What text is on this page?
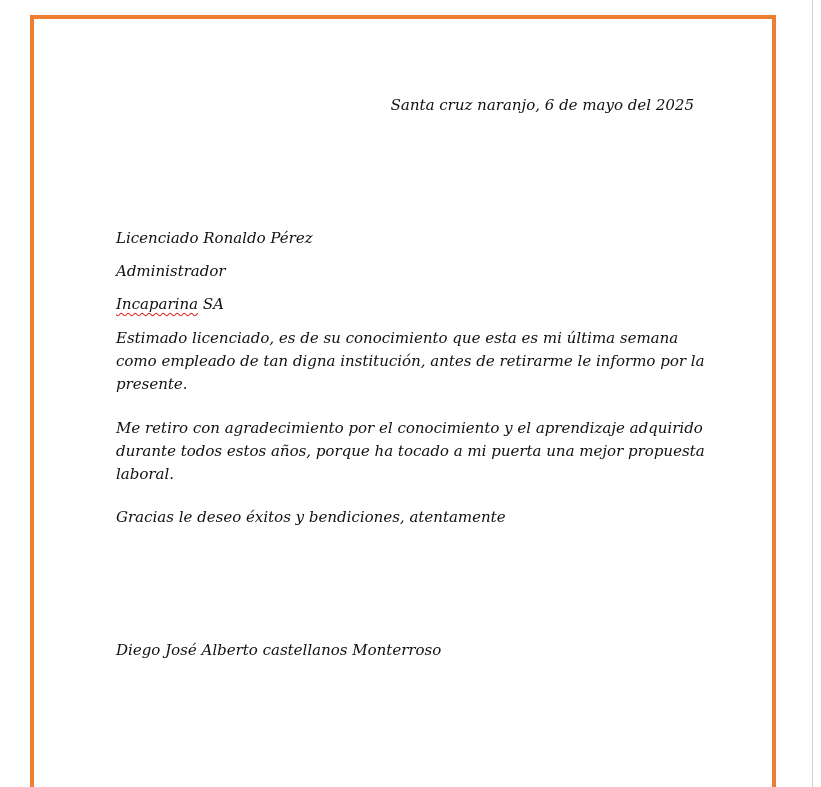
Santa cruz naranjo, 6 de mayo del 2025
Licenciado Ronaldo Pérez
Administrador
Incaparina SA
Estimado licenciado, es de su conocimiento que esta es mi última semana como empleado de tan digna institución, antes de retirarme le informo por la presente.
Me retiro con agradecimiento por el conocimiento y el aprendizaje adquirido durante todos estos años, porque ha tocado a mi puerta una mejor propuesta laboral.
Gracias le deseo éxitos y bendiciones, atentamente
Diego José Alberto castellanos Monterroso
